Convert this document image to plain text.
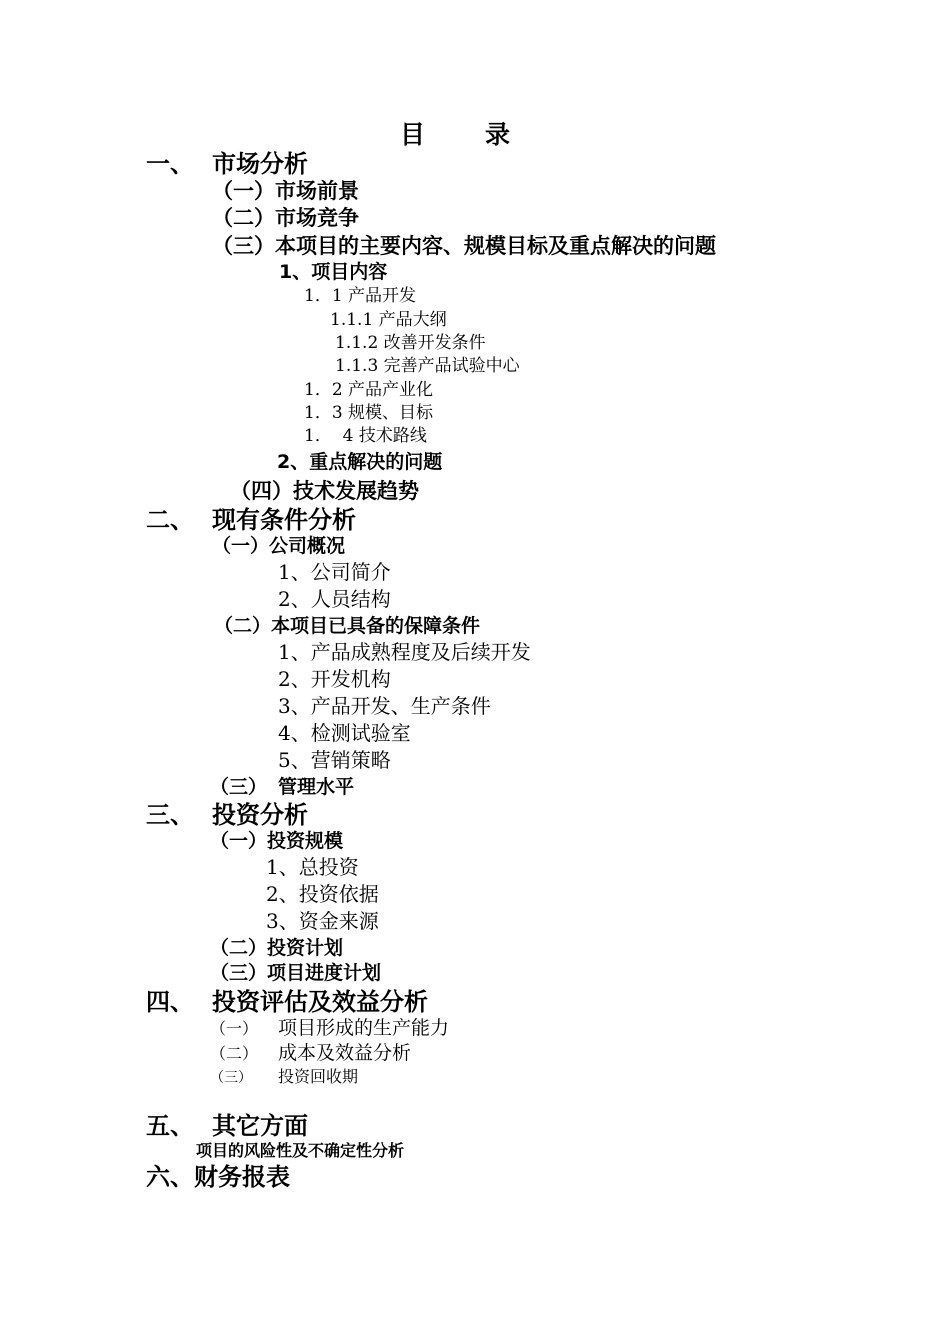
目 录
一、 市场分析
（一）市场前景
（二）市场竞争
（三）本项目的主要内容、规模目标及重点解决的问题
1、项目内容
1．1 产品开发
1.1.1 产品大纲
1.1.2 改善开发条件
1.1.3 完善产品试验中心
1．2 产品产业化
1．3 规模、目标
1．  4 技术路线
2、重点解决的问题
（四）技术发展趋势
二、 现有条件分析
（一）公司概况
1、公司简介
2、人员结构
（二）本项目已具备的保障条件
1、产品成熟程度及后续开发
2、开发机构
3、产品开发、生产条件
4、检测试验室
5、营销策略
（三） 管理水平
三、 投资分析
（一）投资规模
1、总投资
2、投资依据
3、资金来源
（二）投资计划
（三）项目进度计划
四、 投资评估及效益分析
（一） 项目形成的生产能力
（二） 成本及效益分析
（三） 投资回收期
五、 其它方面
项目的风险性及不确定性分析
六、财务报表
